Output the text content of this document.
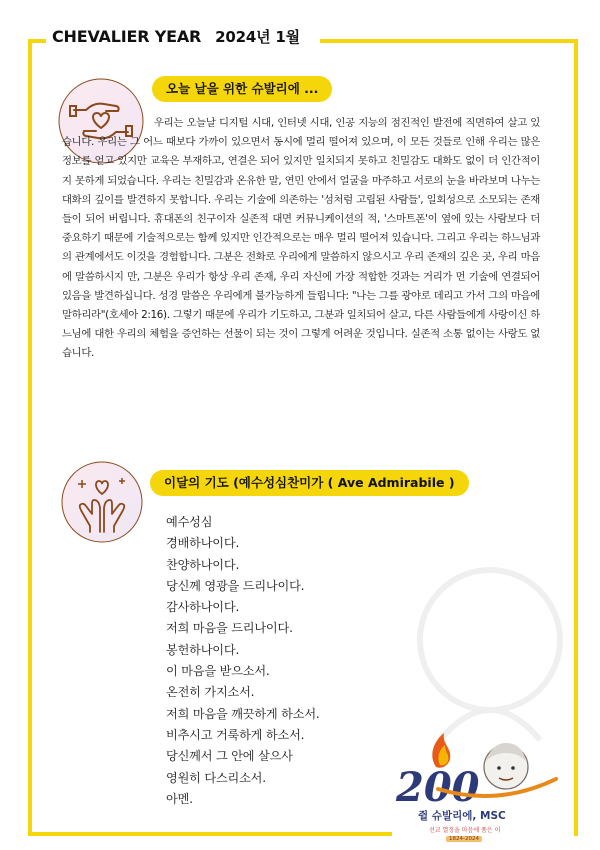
CHEVALIER YEAR 2024년 1월
오늘 날을 위한 슈발리에 ...

우리는 오늘날 디지털 시대, 인터넷 시대, 인공 지능의 점진적인 발전에 직면하여 살고 있습니다. 우리는 그 어느 때보다 가까이 있으면서 동시에 멀리 떨어져 있으며, 이 모든 것들로 인해 우리는 많은 정보를 얻고 있지만 교육은 부재하고, 연결은 되어 있지만 일치되지 못하고 친밀감도 대화도 없이 더 인간적이지 못하게 되었습니다. 우리는 친밀감과 온유한 말, 연민 안에서 얼굴을 마주하고 서로의 눈을 바라보며 나누는 대화의 깊이를 발견하지 못합니다. 우리는 기술에 의존하는 '섬처럼 고립된 사람들', 일회성으로 소모되는 존재들이 되어 버립니다. 휴대폰의 친구이자 실존적 대면 커뮤니케이션의 적, '스마트폰'이 옆에 있는 사람보다 더 중요하기 때문에 기술적으로는 함께 있지만 인간적으로는 매우 멀리 떨어져 있습니다. 그리고 우리는 하느님과의 관계에서도 이것을 경험합니다. 그분은 전화로 우리에게 말씀하지 않으시고 우리 존재의 깊은 곳, 우리 마음에 말씀하시지 만, 그분은 우리가 항상 우리 존재, 우리 자신에 가장 적합한 것과는 거리가 먼 기술에 연결되어 있음을 발견하십니다. 성경 말씀은 우리에게 불가능하게 들립니다: "나는 그를 광야로 데리고 가서 그의 마음에 말하리라"(호세아 2:16). 그렇기 때문에 우리가 기도하고, 그분과 일치되어 살고, 다른 사람들에게 사랑이신 하느님에 대한 우리의 체험을 증언하는 선물이 되는 것이 그렇게 어려운 것입니다. 실존적 소통 없이는 사랑도 없습니다.

이달의 기도 (예수성심찬미가 ( Ave Admirabile )
예수성심
경배하나이다.
찬양하나이다.
당신께 영광을 드리나이다.
감사하나이다.
저희 마음을 드리나이다.
봉헌하나이다.
이 마음을 받으소서.
온전히 가지소서.
저희 마음을 깨끗하게 하소서.
비추시고 거룩하게 하소서.
당신께서 그 안에 살으사
영원히 다스리소서.
아멘.	200
쥘 슈발리에, MSC
선교 열정을 마음에 품은 이
1824-2024
